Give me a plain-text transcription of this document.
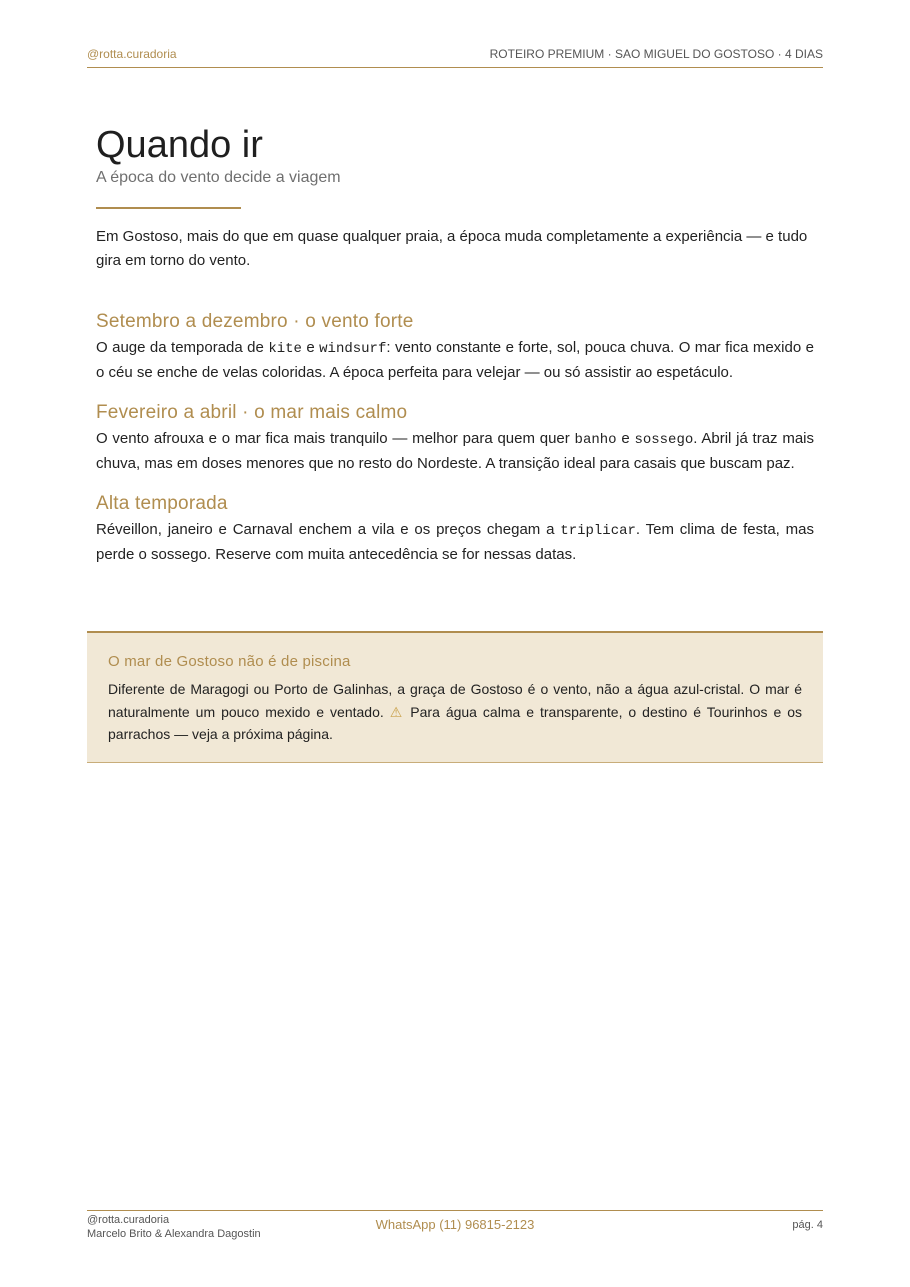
@rotta.curadoria	ROTEIRO PREMIUM · SAO MIGUEL DO GOSTOSO · 4 DIAS
Quando ir
A época do vento decide a viagem
Em Gostoso, mais do que em quase qualquer praia, a época muda completamente a experiência — e tudo gira em torno do vento.
Setembro a dezembro · o vento forte
O auge da temporada de kite e windsurf: vento constante e forte, sol, pouca chuva. O mar fica mexido e o céu se enche de velas coloridas. A época perfeita para velejar — ou só assistir ao espetáculo.
Fevereiro a abril · o mar mais calmo
O vento afrouxa e o mar fica mais tranquilo — melhor para quem quer banho e sossego. Abril já traz mais chuva, mas em doses menores que no resto do Nordeste. A transição ideal para casais que buscam paz.
Alta temporada
Réveillon, janeiro e Carnaval enchem a vila e os preços chegam a triplicar. Tem clima de festa, mas perde o sossego. Reserve com muita antecedência se for nessas datas.
O mar de Gostoso não é de piscina
Diferente de Maragogi ou Porto de Galinhas, a graça de Gostoso é o vento, não a água azul-cristal. O mar é naturalmente um pouco mexido e ventado. ⚠ Para água calma e transparente, o destino é Tourinhos e os parrachos — veja a próxima página.
@rotta.curadoria
Marcelo Brito & Alexandra Dagostin
WhatsApp (11) 96815-2123	pág. 4
